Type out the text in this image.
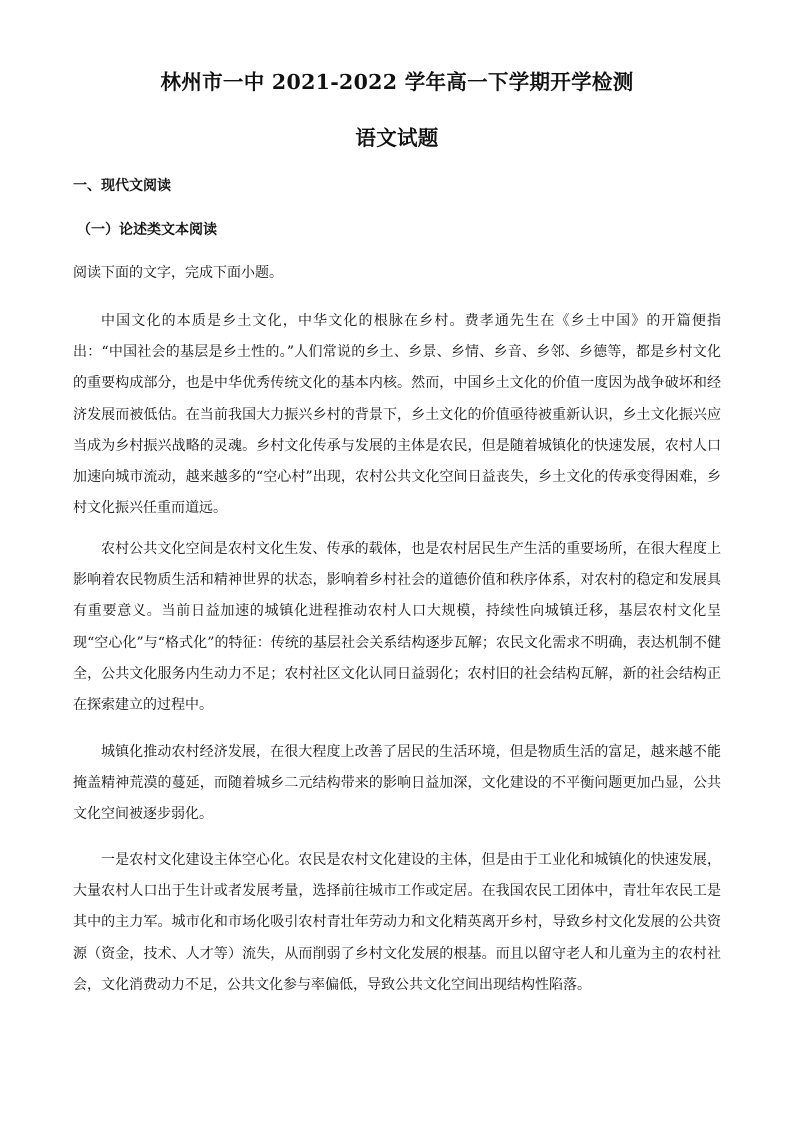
林州市一中 2021-2022 学年高一下学期开学检测
语文试题
一、现代文阅读
（一）论述类文本阅读
阅读下面的文字，完成下面小题。

中国文化的本质是乡土文化，中华文化的根脉在乡村。费孝通先生在《乡土中国》的开篇便指出：“中国社会的基层是乡土性的。”人们常说的乡土、乡景、乡情、乡音、乡邻、乡德等，都是乡村文化的重要构成部分，也是中华优秀传统文化的基本内核。然而，中国乡土文化的价值一度因为战争破坏和经济发展而被低估。在当前我国大力振兴乡村的背景下，乡土文化的价值亟待被重新认识，乡土文化振兴应当成为乡村振兴战略的灵魂。乡村文化传承与发展的主体是农民，但是随着城镇化的快速发展，农村人口加速向城市流动，越来越多的“空心村”出现，农村公共文化空间日益丧失，乡土文化的传承变得困难，乡村文化振兴任重而道远。

农村公共文化空间是农村文化生发、传承的载体，也是农村居民生产生活的重要场所，在很大程度上影响着农民物质生活和精神世界的状态，影响着乡村社会的道德价值和秩序体系，对农村的稳定和发展具有重要意义。当前日益加速的城镇化进程推动农村人口大规模，持续性向城镇迁移，基层农村文化呈现“空心化”与“格式化”的特征：传统的基层社会关系结构逐步瓦解；农民文化需求不明确，表达机制不健全，公共文化服务内生动力不足；农村社区文化认同日益弱化；农村旧的社会结构瓦解，新的社会结构正在探索建立的过程中。

城镇化推动农村经济发展，在很大程度上改善了居民的生活环境，但是物质生活的富足，越来越不能掩盖精神荒漠的蔓延，而随着城乡二元结构带来的影响日益加深，文化建设的不平衡问题更加凸显，公共文化空间被逐步弱化。

一是农村文化建设主体空心化。农民是农村文化建设的主体，但是由于工业化和城镇化的快速发展，大量农村人口出于生计或者发展考量，选择前往城市工作或定居。在我国农民工团体中，青壮年农民工是其中的主力军。城市化和市场化吸引农村青壮年劳动力和文化精英离开乡村，导致乡村文化发展的公共资源（资金，技术、人才等）流失，从而削弱了乡村文化发展的根基。而且以留守老人和儿童为主的农村社会，文化消费动力不足，公共文化参与率偏低，导致公共文化空间出现结构性陷落。
